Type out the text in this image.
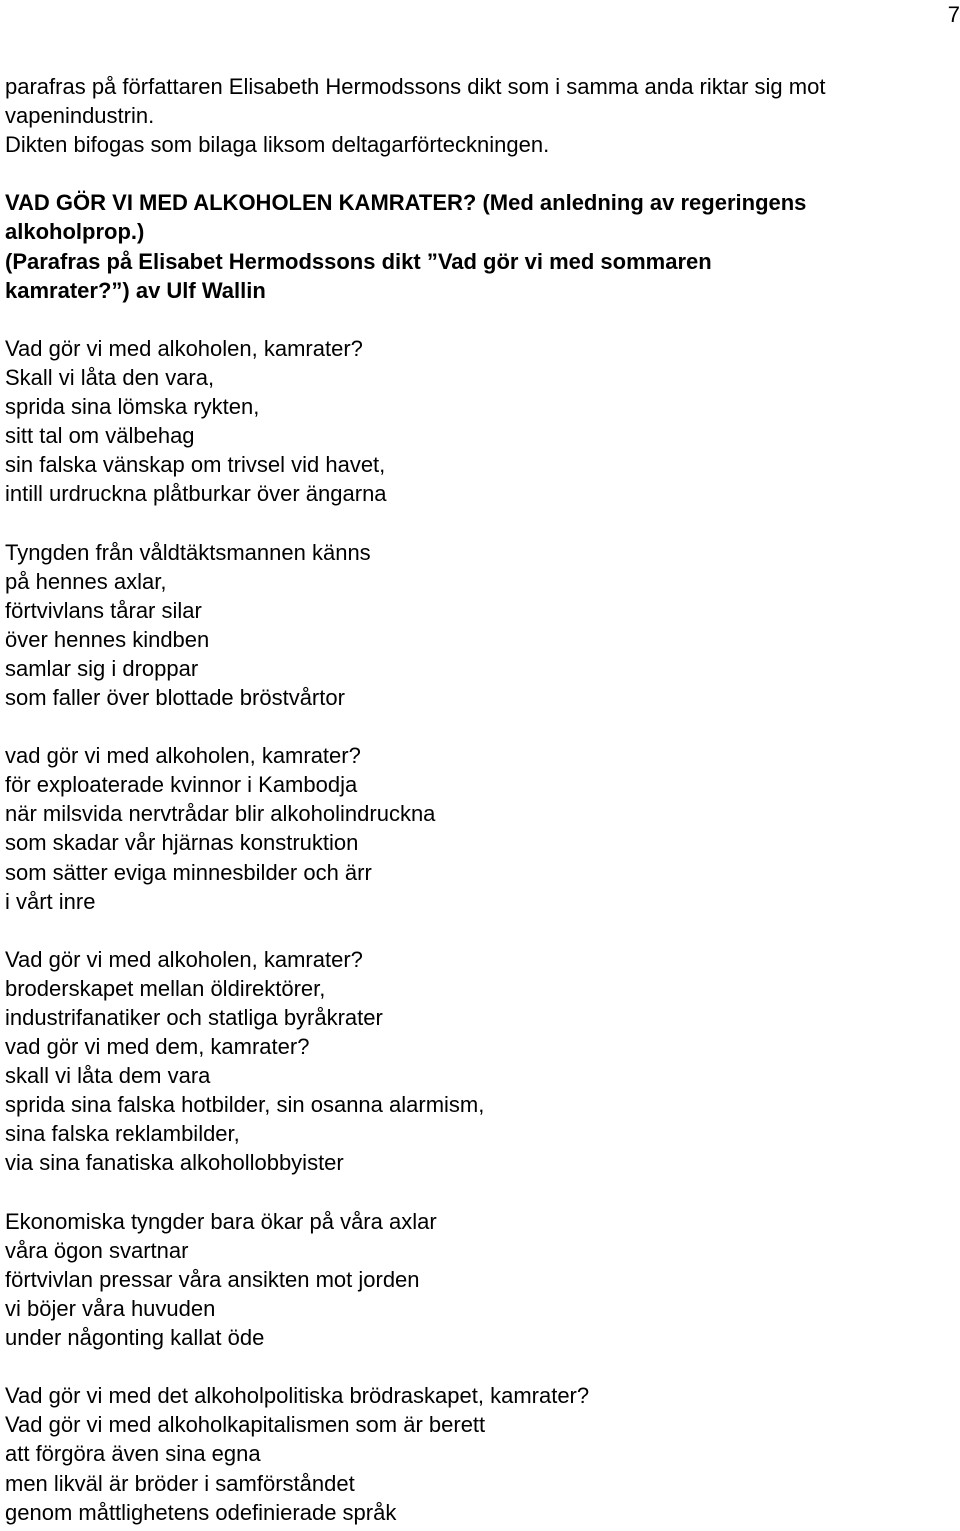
7
parafras på författaren Elisabeth Hermodssons dikt som i samma anda riktar sig mot
vapenindustrin.
Dikten bifogas som bilaga liksom deltagarförteckningen.
VAD GÖR VI MED ALKOHOLEN KAMRATER? (Med anledning av regeringens
alkoholprop.)
(Parafras på Elisabet Hermodssons dikt ”Vad gör vi med sommaren
kamrater?”) av Ulf Wallin
Vad gör vi med alkoholen, kamrater?
Skall vi låta den vara,
sprida sina lömska rykten,
sitt tal om välbehag
sin falska vänskap om trivsel vid havet,
intill urdruckna plåtburkar över ängarna
Tyngden från våldtäktsmannen känns
på hennes axlar,
förtvivlans tårar silar
över hennes kindben
samlar sig i droppar
som faller över blottade bröstvårtor
vad gör vi med alkoholen, kamrater?
för exploaterade kvinnor i Kambodja
när milsvida nervtrådar blir alkoholindruckna
som skadar vår hjärnas konstruktion
som sätter eviga minnesbilder och ärr
i vårt inre
Vad gör vi med alkoholen, kamrater?
broderskapet mellan öldirektörer,
industrifanatiker och statliga byråkrater
vad gör vi med dem, kamrater?
skall vi låta dem vara
sprida sina falska hotbilder, sin osanna alarmism,
sina falska reklambilder,
via sina fanatiska alkohollobbyister
Ekonomiska tyngder bara ökar på våra axlar
våra ögon svartnar
förtvivlan pressar våra ansikten mot jorden
vi böjer våra huvuden
under någonting kallat öde
Vad gör vi med det alkoholpolitiska brödraskapet, kamrater?
Vad gör vi med alkoholkapitalismen som är berett
att förgöra även sina egna
men likväl är bröder i samförståndet
genom måttlighetens odefinierade språk
